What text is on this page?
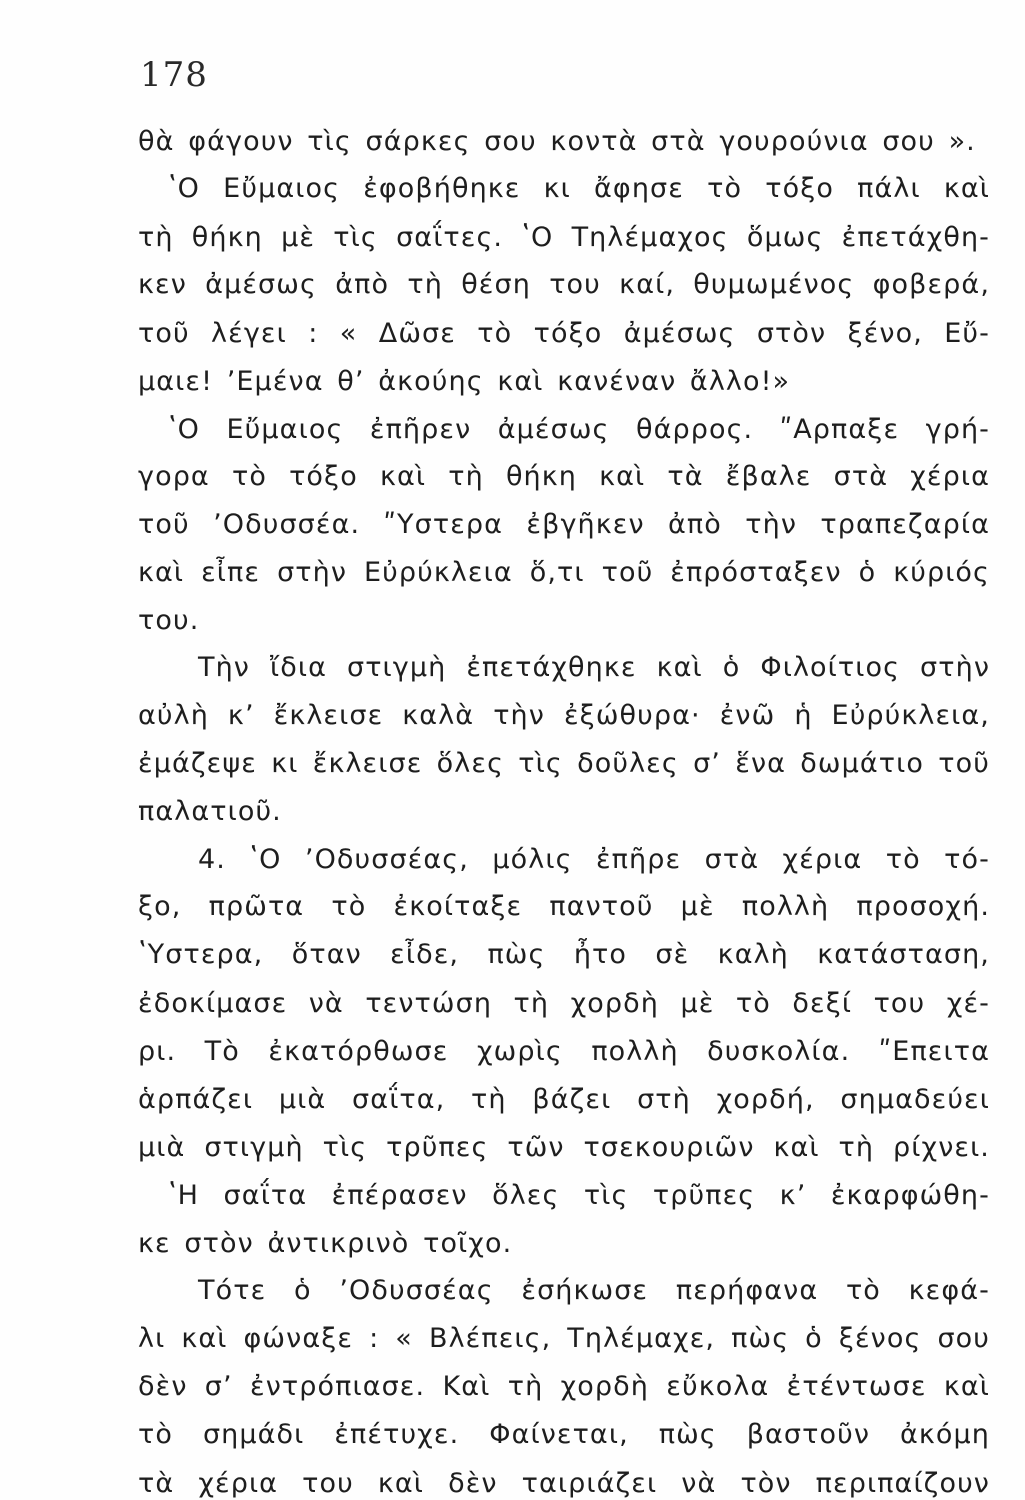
178
θὰ φάγουν τὶς σάρκες σου κοντὰ στὰ γουρούνια σου ».
ʽΟ Εὔμαιος ἐφοβήθηκε κι ἄφησε τὸ τόξο πάλι καὶ
τὴ θήκη μὲ τὶς σαΐτες. ʽΟ Τηλέμαχος ὅμως ἐπετάχθη-
κεν ἀμέσως ἀπὸ τὴ θέση του καί, θυμωμένος φοβερά,
τοῦ λέγει : « Δῶσε τὸ τόξο ἀμέσως στὸν ξένο, Εὔ-
μαιε! ʼΕμένα θʼ ἀκούης καὶ κανέναν ἄλλο!»
ʽΟ Εὔμαιος ἐπῆρεν ἀμέσως θάρρος. ʺΑρπαξε γρή-
γορα τὸ τόξο καὶ τὴ θήκη καὶ τὰ ἔβαλε στὰ χέρια
τοῦ ʼΟδυσσέα. ʺΥστερα ἐβγῆκεν ἀπὸ τὴν τραπεζαρία
καὶ εἶπε στὴν Εὐρύκλεια ὅ,τι τοῦ ἐπρόσταξεν ὁ κύριός
του.
Τὴν ἴδια στιγμὴ ἐπετάχθηκε καὶ ὁ Φιλοίτιος στὴν
αὐλὴ κʼ ἔκλεισε καλὰ τὴν ἐξώθυρα· ἐνῶ ἡ Εὐρύκλεια,
ἐμάζεψε κι ἔκλεισε ὅλες τὶς δοῦλες σʼ ἕνα δωμάτιο τοῦ
παλατιοῦ.
4. ʽΟ ʼΟδυσσέας, μόλις ἐπῆρε στὰ χέρια τὸ τό-
ξο, πρῶτα τὸ ἐκοίταξε παντοῦ μὲ πολλὴ προσοχή.
ʽΥστερα, ὅταν εἶδε, πὼς ἦτο σὲ καλὴ κατάσταση,
ἐδοκίμασε νὰ τεντώση τὴ χορδὴ μὲ τὸ δεξί του χέ-
ρι. Τὸ ἐκατόρθωσε χωρὶς πολλὴ δυσκολία. ʺΕπειτα
ἁρπάζει μιὰ σαΐτα, τὴ βάζει στὴ χορδή, σημαδεύει
μιὰ στιγμὴ τὶς τρῦπες τῶν τσεκουριῶν καὶ τὴ ρίχνει.
ʽΗ σαΐτα ἐπέρασεν ὅλες τὶς τρῦπες κʼ ἐκαρφώθη-
κε στὸν ἀντικρινὸ τοῖχο.
Τότε ὁ ʼΟδυσσέας ἐσήκωσε περήφανα τὸ κεφά-
λι καὶ φώναξε : « Βλέπεις, Τηλέμαχε, πὼς ὁ ξένος σου
δὲν σʼ ἐντρόπιασε. Καὶ τὴ χορδὴ εὔκολα ἐτέντωσε καὶ
τὸ σημάδι ἐπέτυχε. Φαίνεται, πὼς βαστοῦν ἀκόμη
τὰ χέρια του καὶ δὲν ταιριάζει νὰ τὸν περιπαίζουν
